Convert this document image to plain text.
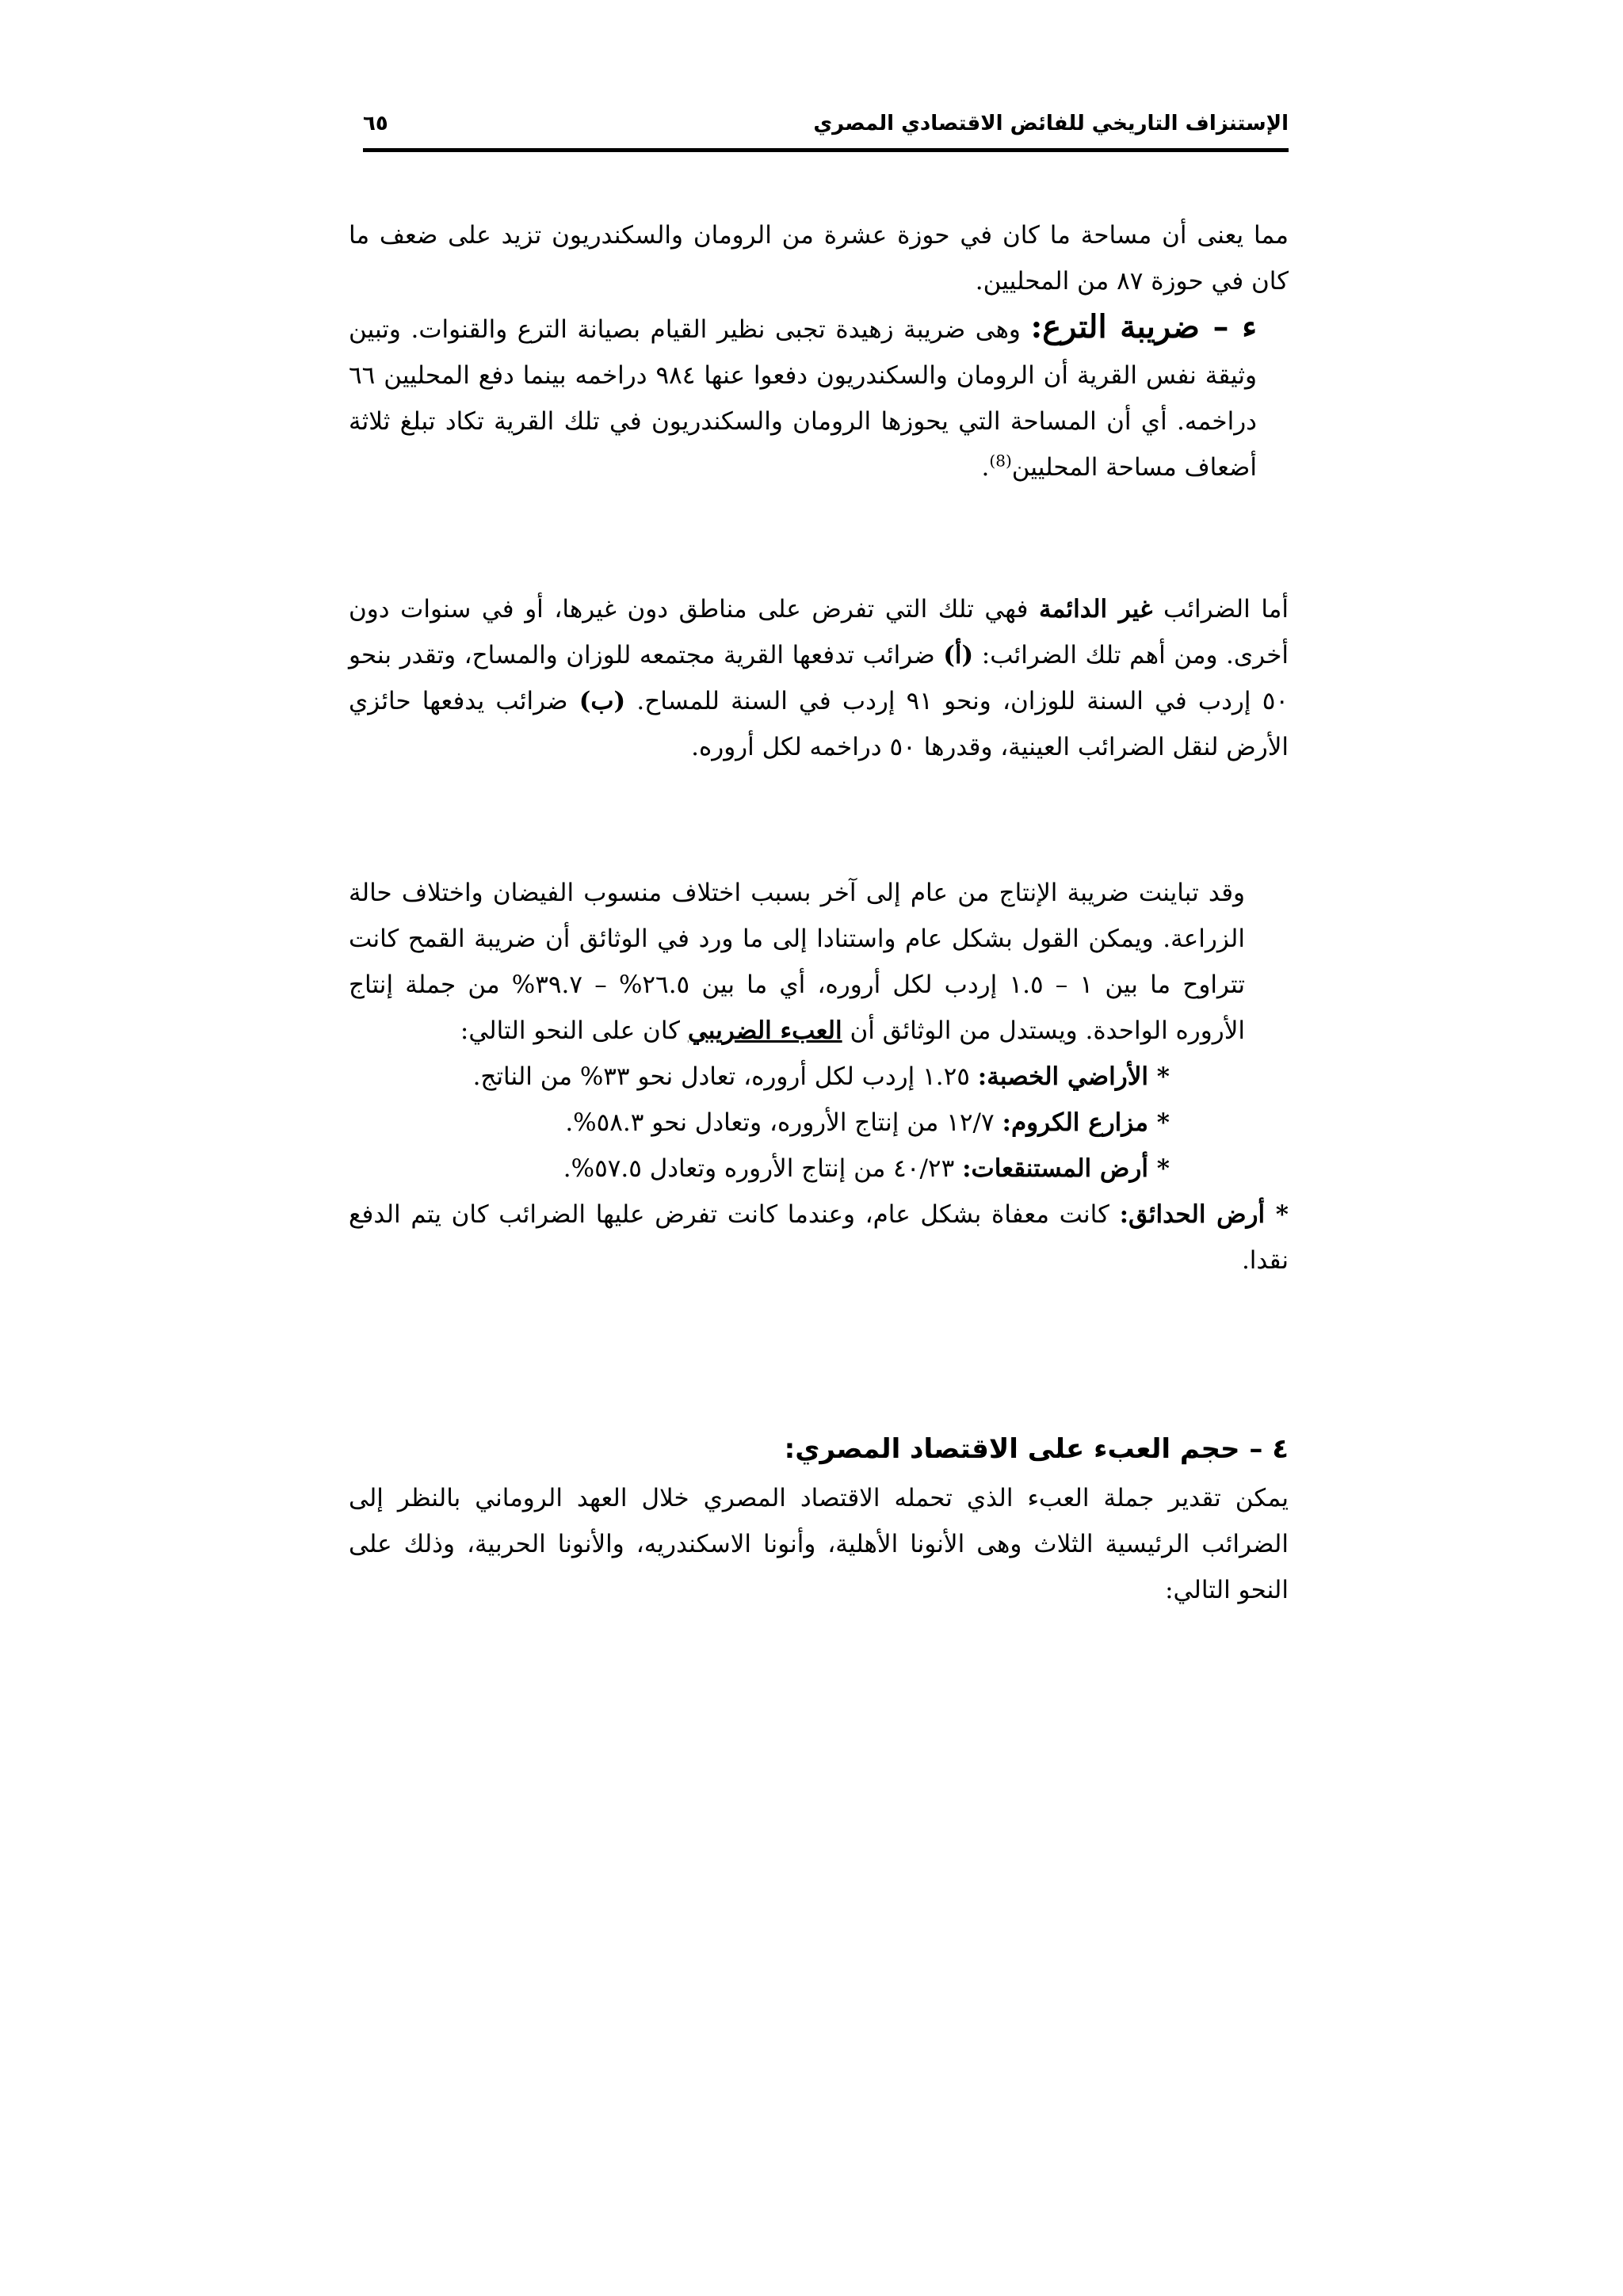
الإستنزاف التاريخي للفائض الاقتصادي المصري
٦٥

مما يعنى أن مساحة ما كان في حوزة عشرة من الرومان والسكندريون تزيد على ضعف ما كان في حوزة ٨٧ من المحليين.

ء – ضريبة الترع: وهى ضريبة زهيدة تجبى نظير القيام بصيانة الترع والقنوات. وتبين وثيقة نفس القرية أن الرومان والسكندريون دفعوا عنها ٩٨٤ دراخمه بينما دفع المحليين ٦٦ دراخمه. أي أن المساحة التي يحوزها الرومان والسكندريون في تلك القرية تكاد تبلغ ثلاثة أضعاف مساحة المحليين$^{(8)}$.

أما الضرائب غير الدائمة فهي تلك التي تفرض على مناطق دون غيرها، أو في سنوات دون أخرى. ومن أهم تلك الضرائب: (أ) ضرائب تدفعها القرية مجتمعه للوزان والمساح، وتقدر بنحو ٥٠ إردب في السنة للوزان، ونحو ٩١ إردب في السنة للمساح. (ب) ضرائب يدفعها حائزي الأرض لنقل الضرائب العينية، وقدرها ٥٠ دراخمه لكل أروره.

وقد تباينت ضريبة الإنتاج من عام إلى آخر بسبب اختلاف منسوب الفيضان واختلاف حالة الزراعة. ويمكن القول بشكل عام واستنادا إلى ما ورد في الوثائق أن ضريبة القمح كانت تتراوح ما بين ١ – ١.٥ إردب لكل أروره، أي ما بين ٢٦.٥% – ٣٩.٧% من جملة إنتاج الأروره الواحدة. ويستدل من الوثائق أن العبء الضريبي كان على النحو التالي:

* الأراضي الخصبة: ١.٢٥ إردب لكل أروره، تعادل نحو ٣٣% من الناتج.

* مزارع الكروم: ١٢/٧ من إنتاج الأروره، وتعادل نحو ٥٨.٣%.

* أرض المستنقعات: ٤٠/٢٣ من إنتاج الأروره وتعادل ٥٧.٥%.

* أرض الحدائق: كانت معفاة بشكل عام، وعندما كانت تفرض عليها الضرائب كان يتم الدفع نقدا.

٤ – حجم العبء على الاقتصاد المصري:

يمكن تقدير جملة العبء الذي تحمله الاقتصاد المصري خلال العهد الروماني بالنظر إلى الضرائب الرئيسية الثلاث وهى الأنونا الأهلية، وأنونا الاسكندريه، والأنونا الحربية، وذلك على النحو التالي:
